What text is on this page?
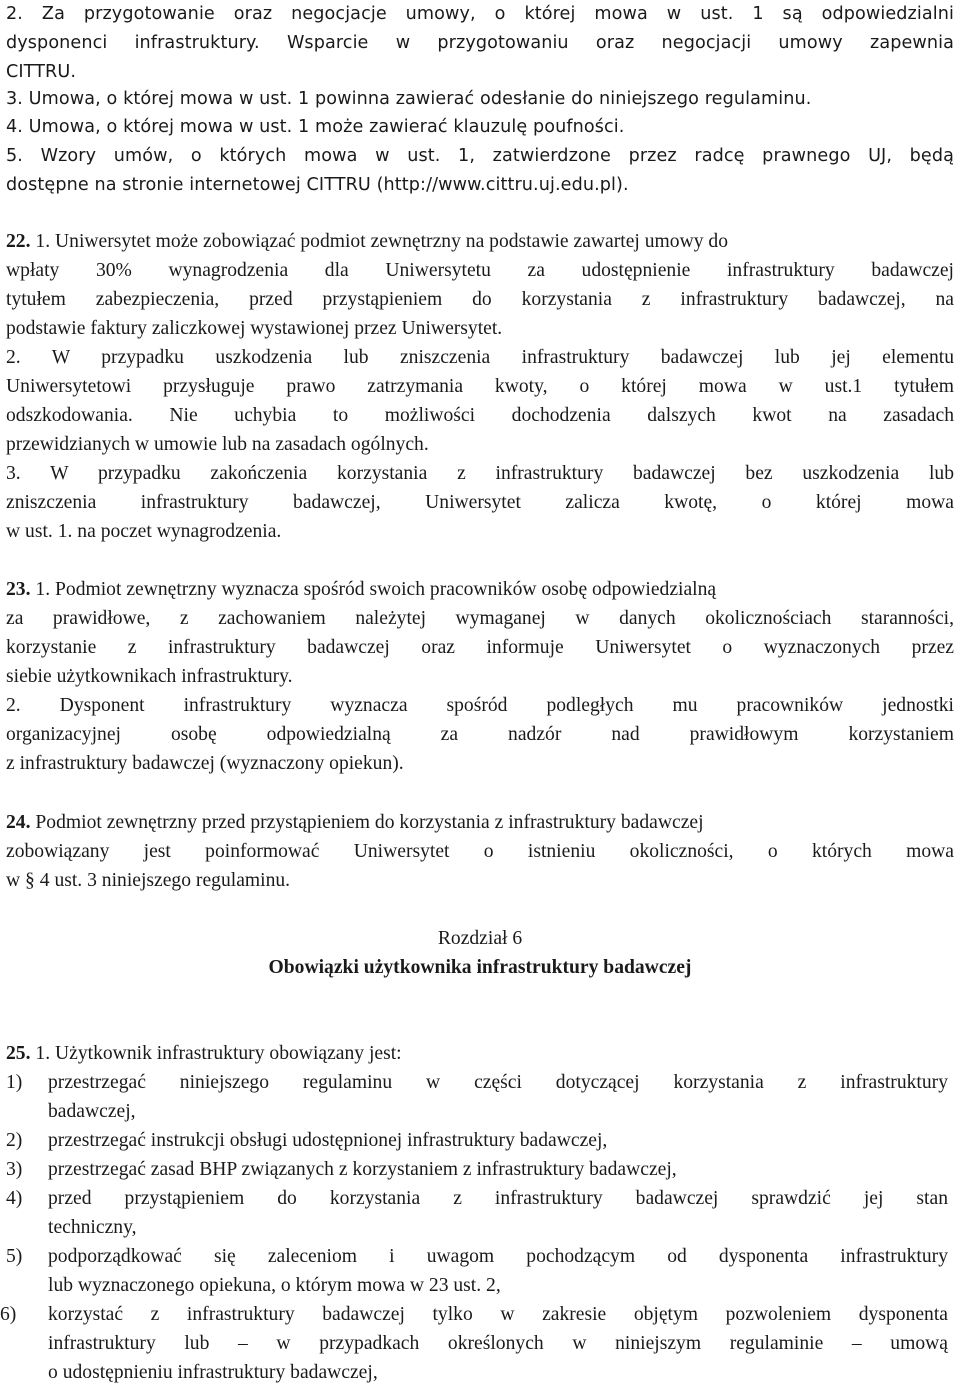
2. Za przygotowanie oraz negocjacje umowy, o której mowa w ust. 1 są odpowiedzialni
dysponenci infrastruktury. Wsparcie w przygotowaniu oraz negocjacji umowy zapewnia
CITTRU.
3. Umowa, o której mowa w ust. 1 powinna zawierać odesłanie do niniejszego regulaminu.
4. Umowa, o której mowa w ust. 1 może zawierać klauzulę poufności.
5. Wzory umów, o których mowa w ust. 1, zatwierdzone przez radcę prawnego UJ, będą
dostępne na stronie internetowej CITTRU (http://www.cittru.uj.edu.pl).
22. 1. Uniwersytet może zobowiązać podmiot zewnętrzny na podstawie zawartej umowy do
wpłaty 30% wynagrodzenia dla Uniwersytetu za udostępnienie infrastruktury badawczej
tytułem zabezpieczenia, przed przystąpieniem do korzystania z infrastruktury badawczej, na
podstawie faktury zaliczkowej wystawionej przez Uniwersytet.
2. W przypadku uszkodzenia lub zniszczenia infrastruktury badawczej lub jej elementu
Uniwersytetowi przysługuje prawo zatrzymania kwoty, o której mowa w ust.1 tytułem
odszkodowania. Nie uchybia to możliwości dochodzenia dalszych kwot na zasadach
przewidzianych w umowie lub na zasadach ogólnych.
3. W przypadku zakończenia korzystania z infrastruktury badawczej bez uszkodzenia lub
zniszczenia infrastruktury badawczej, Uniwersytet zalicza kwotę, o której mowa
w ust. 1. na poczet wynagrodzenia.
23. 1. Podmiot zewnętrzny wyznacza spośród swoich pracowników osobę odpowiedzialną
za prawidłowe, z zachowaniem należytej wymaganej w danych okolicznościach staranności,
korzystanie z infrastruktury badawczej oraz informuje Uniwersytet o wyznaczonych przez
siebie użytkownikach infrastruktury.
2. Dysponent infrastruktury wyznacza spośród podległych mu pracowników jednostki
organizacyjnej osobę odpowiedzialną za nadzór nad prawidłowym korzystaniem
z infrastruktury badawczej (wyznaczony opiekun).
24. Podmiot zewnętrzny przed przystąpieniem do korzystania z infrastruktury badawczej
zobowiązany jest poinformować Uniwersytet o istnieniu okoliczności, o których mowa
w § 4 ust. 3 niniejszego regulaminu.
Rozdział 6
Obowiązki użytkownika infrastruktury badawczej
25. 1. Użytkownik infrastruktury obowiązany jest:
1) przestrzegać niniejszego regulaminu w części dotyczącej korzystania z infrastruktury
badawczej,
2) przestrzegać instrukcji obsługi udostępnionej infrastruktury badawczej,
3) przestrzegać zasad BHP związanych z korzystaniem z infrastruktury badawczej,
4) przed przystąpieniem do korzystania z infrastruktury badawczej sprawdzić jej stan
techniczny,
5) podporządkować się zaleceniom i uwagom pochodzącym od dysponenta infrastruktury
lub wyznaczonego opiekuna, o którym mowa w 23 ust. 2,
6) korzystać z infrastruktury badawczej tylko w zakresie objętym pozwoleniem dysponenta
infrastruktury lub – w przypadkach określonych w niniejszym regulaminie – umową
o udostępnieniu infrastruktury badawczej,
